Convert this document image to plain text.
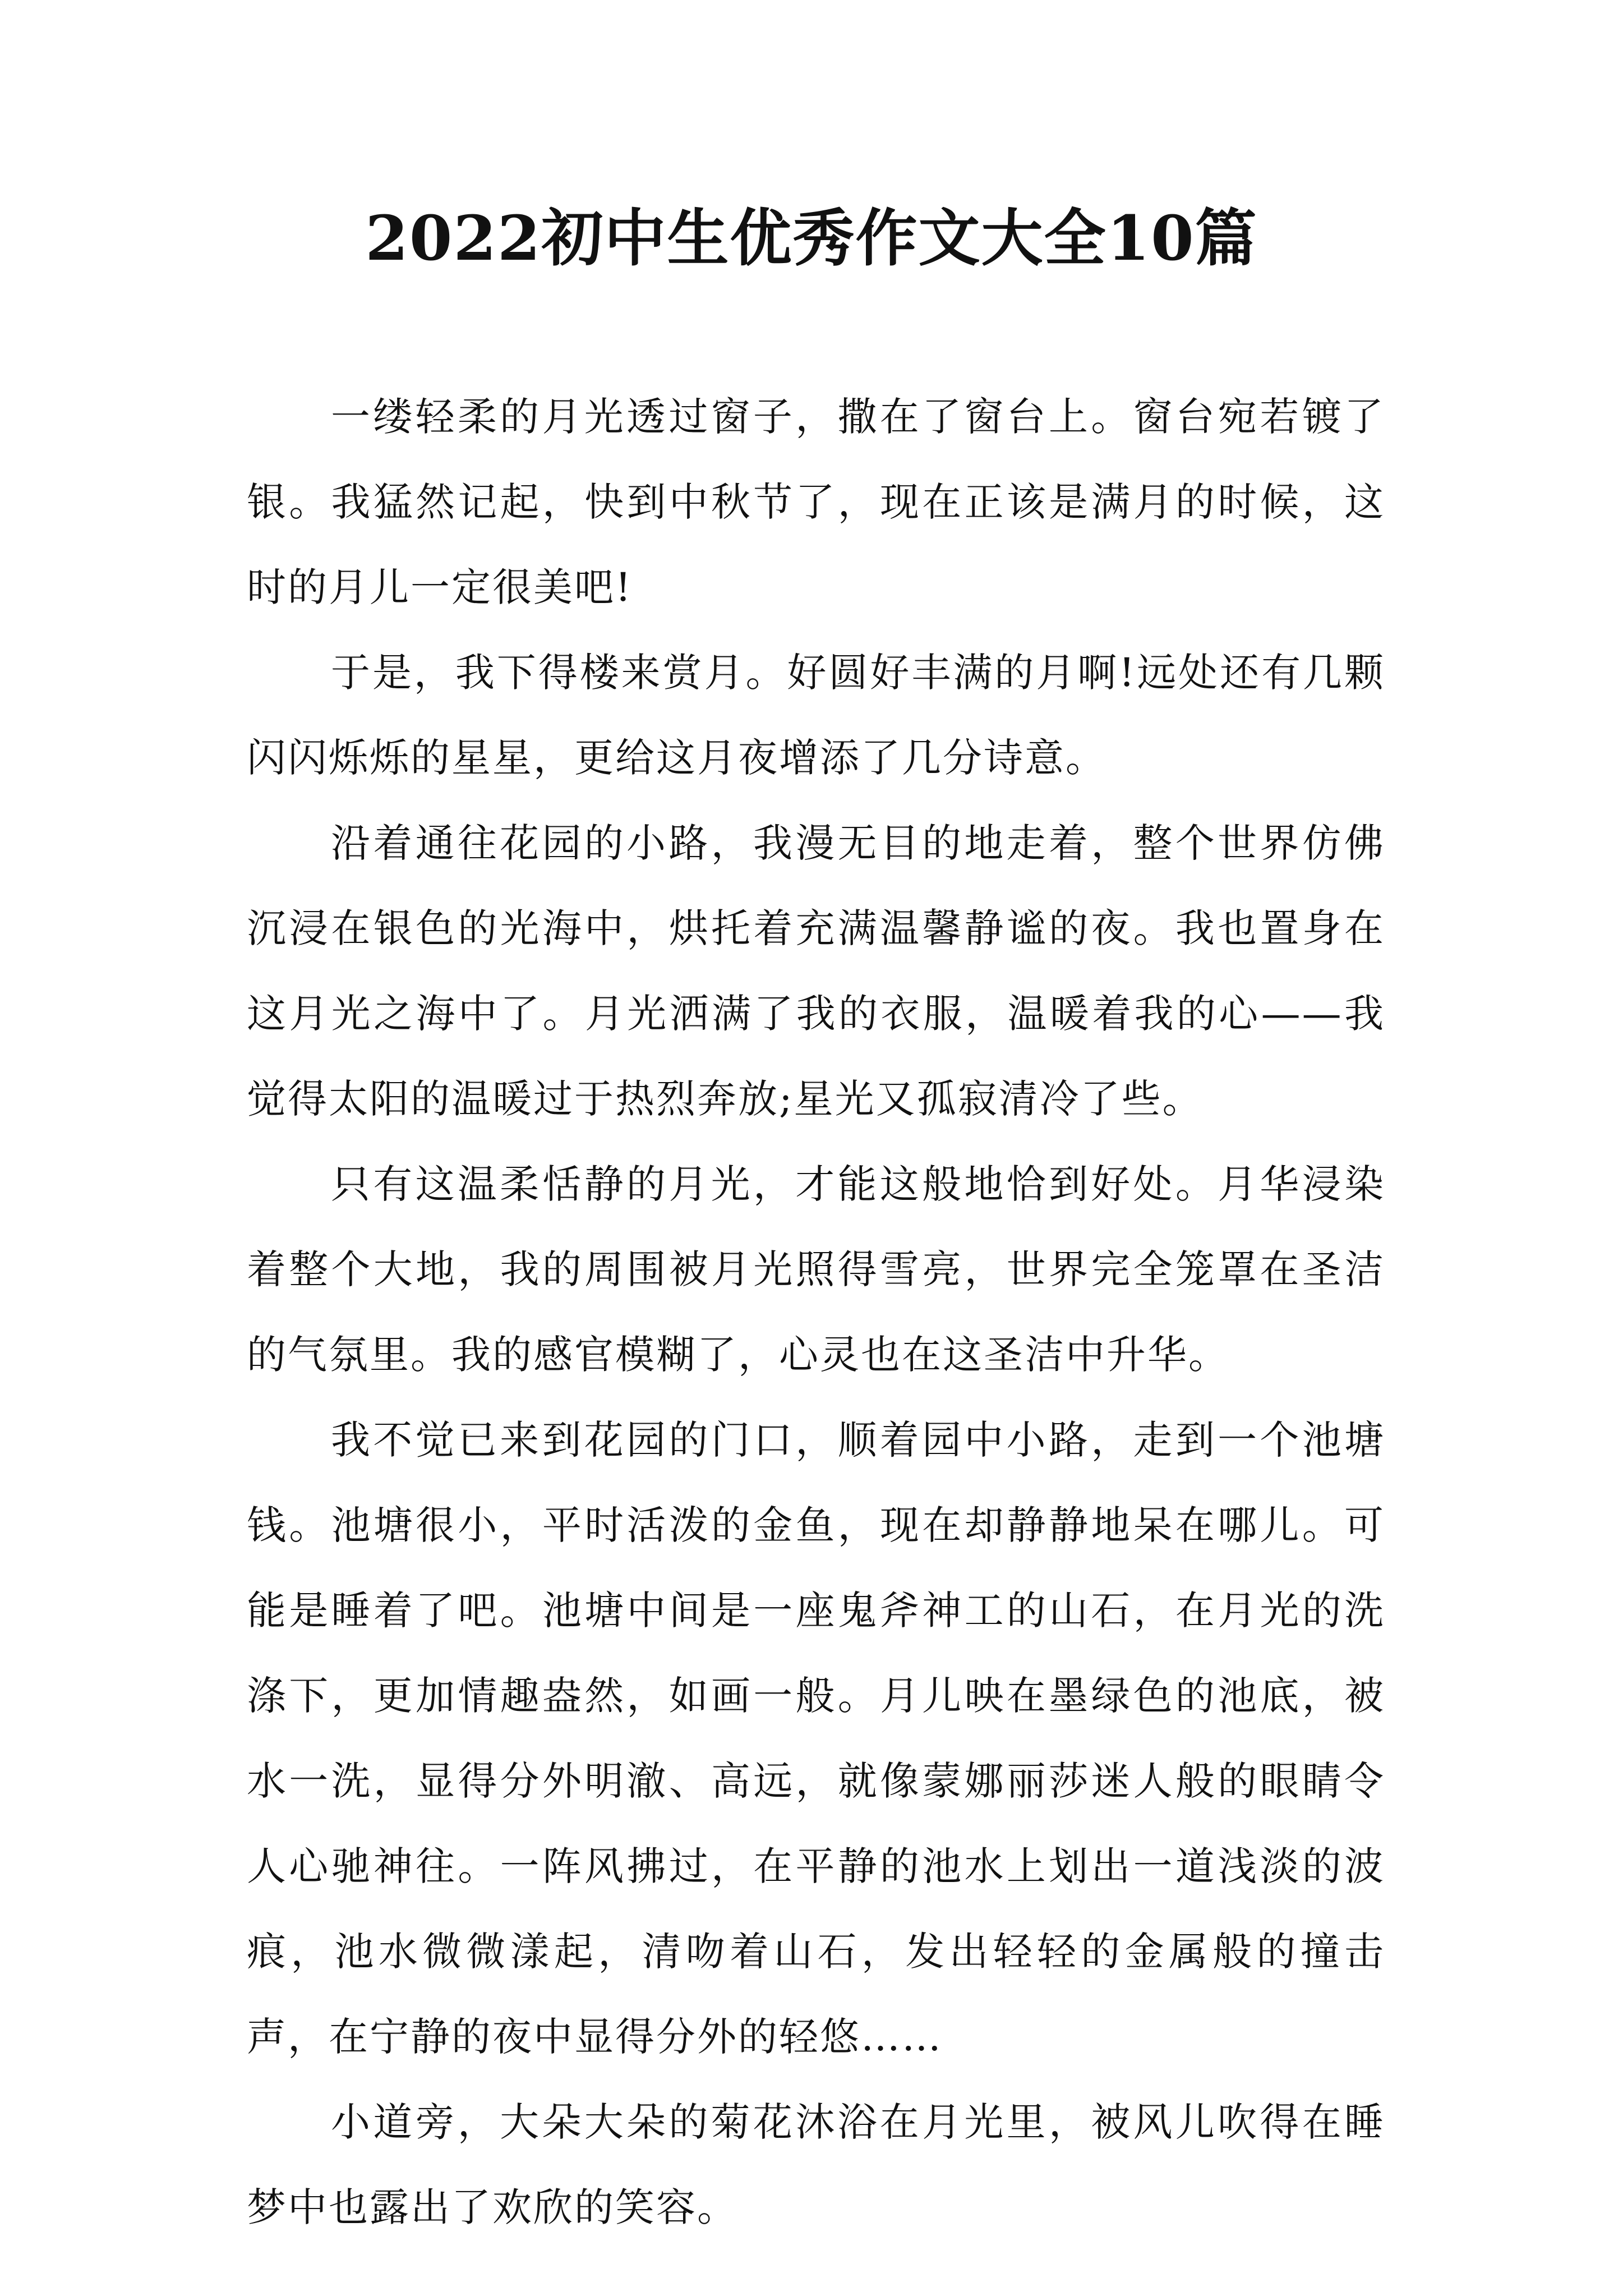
2022初中生优秀作文大全10篇

一缕轻柔的月光透过窗子，撒在了窗台上。窗台宛若镀了银。我猛然记起，快到中秋节了，现在正该是满月的时候，这时的月儿一定很美吧!

于是，我下得楼来赏月。好圆好丰满的月啊!远处还有几颗闪闪烁烁的星星，更给这月夜增添了几分诗意。

沿着通往花园的小路，我漫无目的地走着，整个世界仿佛沉浸在银色的光海中，烘托着充满温馨静谧的夜。我也置身在这月光之海中了。月光洒满了我的衣服，温暖着我的心——我觉得太阳的温暖过于热烈奔放;星光又孤寂清冷了些。

只有这温柔恬静的月光，才能这般地恰到好处。月华浸染着整个大地，我的周围被月光照得雪亮，世界完全笼罩在圣洁的气氛里。我的感官模糊了，心灵也在这圣洁中升华。

我不觉已来到花园的门口，顺着园中小路，走到一个池塘钱。池塘很小，平时活泼的金鱼，现在却静静地呆在哪儿。可能是睡着了吧。池塘中间是一座鬼斧神工的山石，在月光的洗涤下，更加情趣盎然，如画一般。月儿映在墨绿色的池底，被水一洗，显得分外明澈、高远，就像蒙娜丽莎迷人般的眼睛令人心驰神往。一阵风拂过，在平静的池水上划出一道浅淡的波痕，池水微微漾起，清吻着山石，发出轻轻的金属般的撞击声，在宁静的夜中显得分外的轻悠……

小道旁，大朵大朵的菊花沐浴在月光里，被风儿吹得在睡梦中也露出了欢欣的笑容。
